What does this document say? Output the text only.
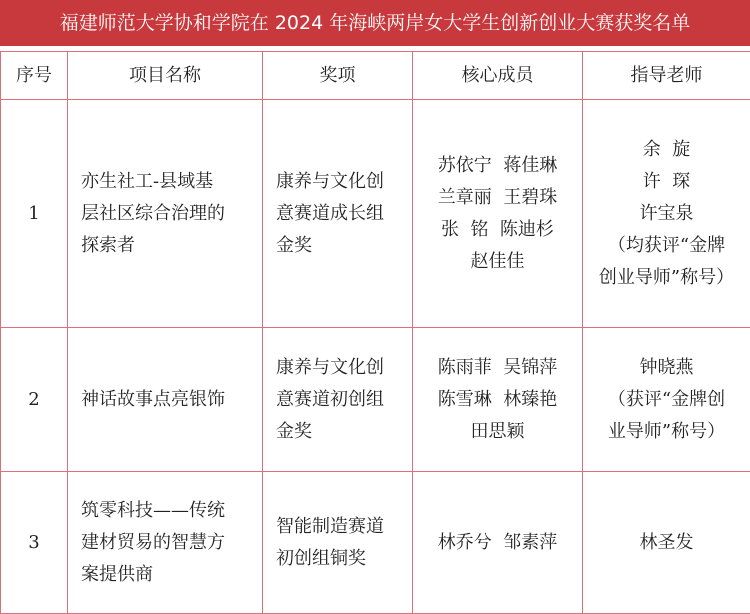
福建师范大学协和学院在 2024 年海峡两岸女大学生创新创业大赛获奖名单
序号	项目名称	奖项	核心成员	指导老师
1	亦生社工-县域基
层社区综合治理的
探索者	康养与文化创
意赛道成长组
金奖	苏依宁  蒋佳琳
兰章丽  王碧珠
张  铭  陈迪杉
赵佳佳	余  旋
许  琛
许宝泉
（均获评“金牌
创业导师”称号）

2	神话故事点亮银饰	康养与文化创
意赛道初创组
金奖	陈雨菲  吴锦萍
陈雪琳  林臻艳
田思颖	钟晓燕
（获评“金牌创
业导师”称号）

3	筑零科技——传统
建材贸易的智慧方
案提供商	智能制造赛道
初创组铜奖	林乔兮  邹素萍	林圣发
